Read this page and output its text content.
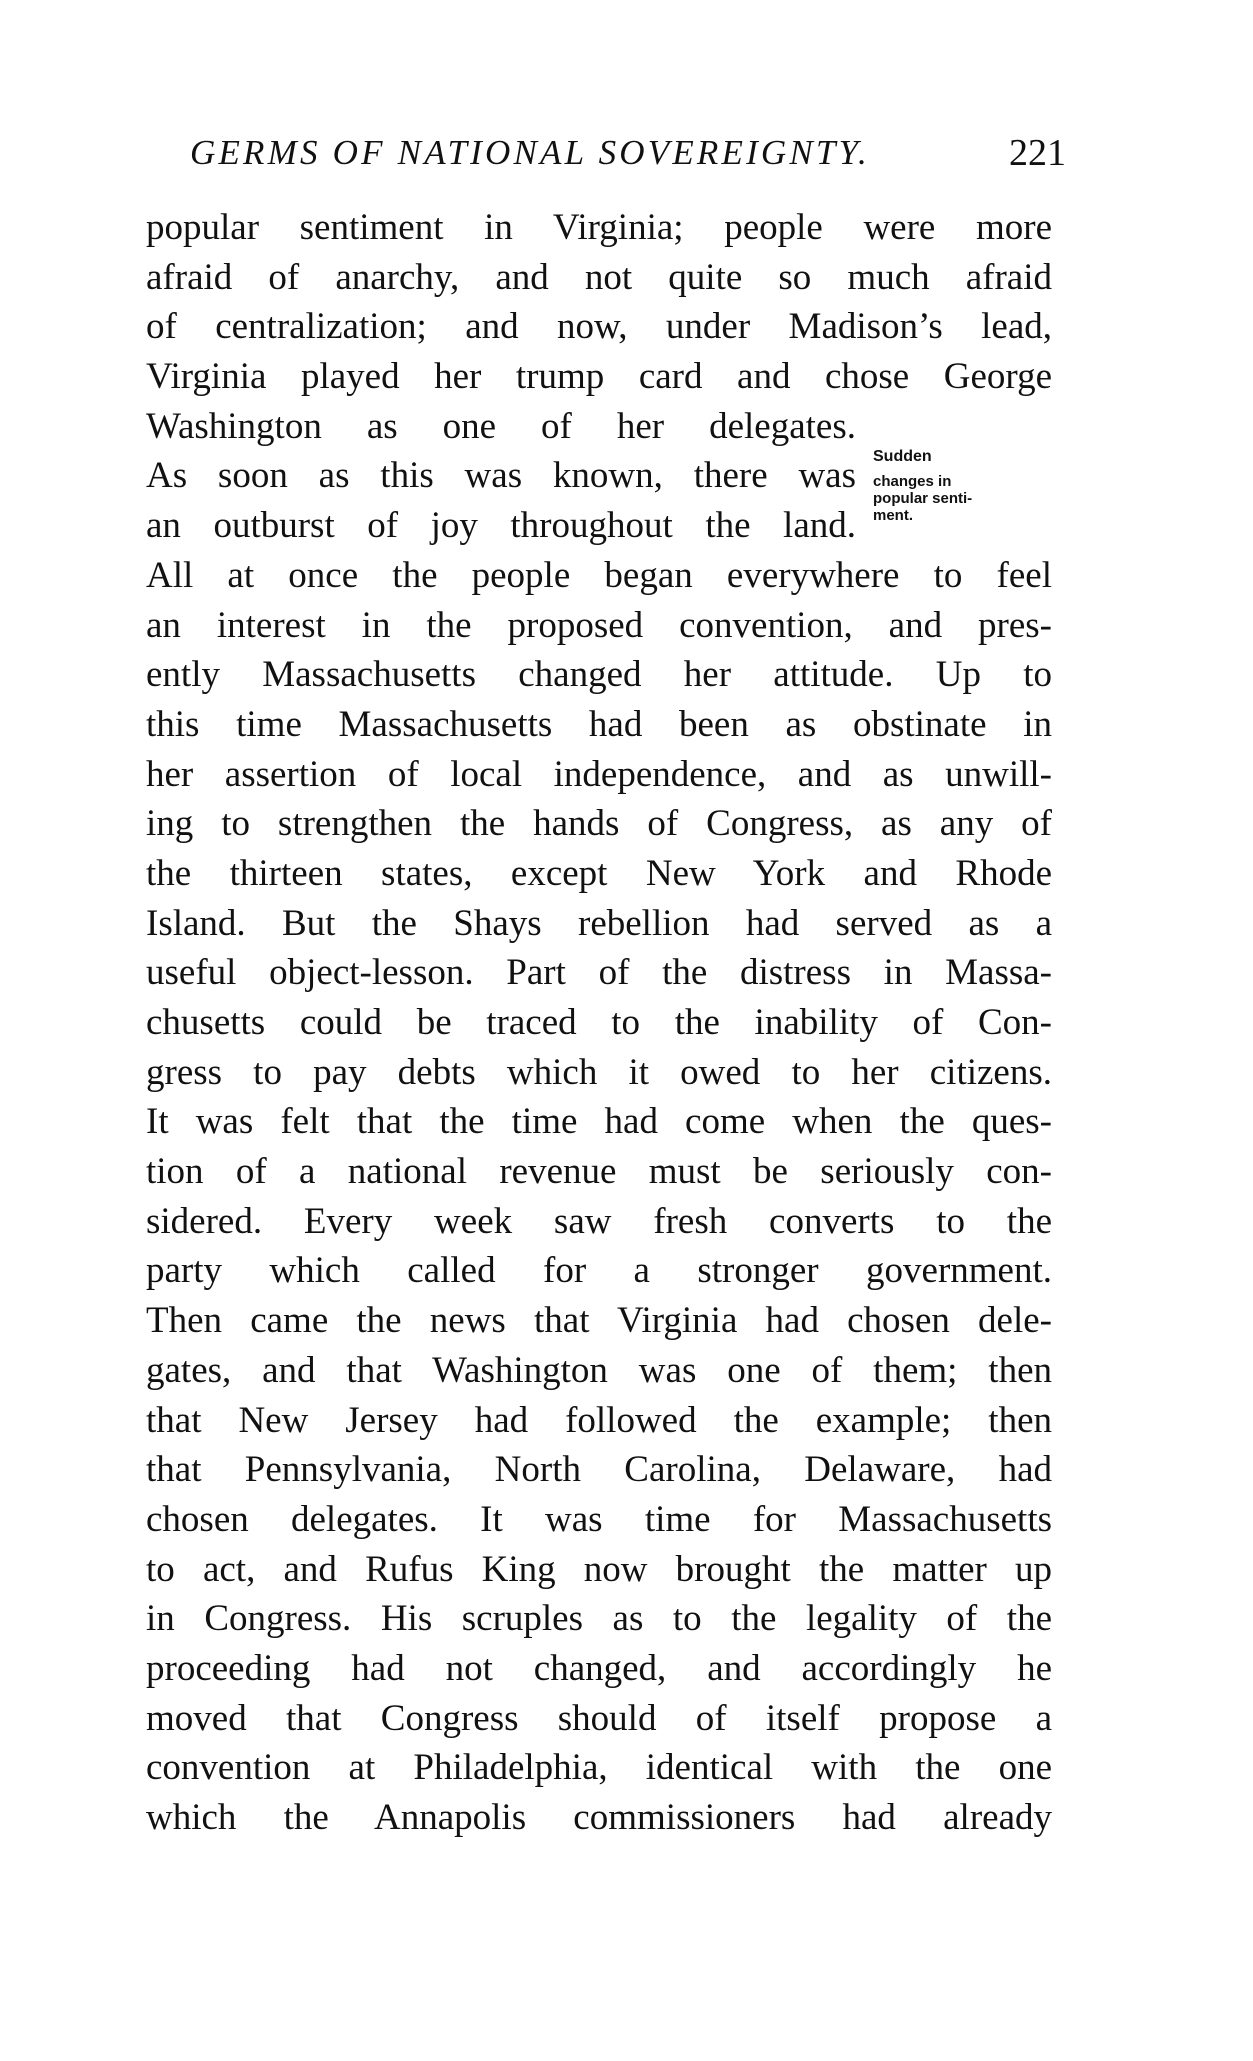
GERMS OF NATIONAL SOVEREIGNTY.	221
Sudden
changes in
popular senti-
ment.
popular sentiment in Virginia; people were more
afraid of anarchy, and not quite so much afraid
of centralization; and now, under Madison’s lead,
Virginia played her trump card and chose George
Washington as one of her delegates.
As soon as this was known, there was
an outburst of joy throughout the land.
All at once the people began everywhere to feel
an interest in the proposed convention, and pres-
ently Massachusetts changed her attitude. Up to
this time Massachusetts had been as obstinate in
her assertion of local independence, and as unwill-
ing to strengthen the hands of Congress, as any of
the thirteen states, except New York and Rhode
Island. But the Shays rebellion had served as a
useful object-lesson. Part of the distress in Massa-
chusetts could be traced to the inability of Con-
gress to pay debts which it owed to her citizens.
It was felt that the time had come when the ques-
tion of a national revenue must be seriously con-
sidered. Every week saw fresh converts to the
party which called for a stronger government.
Then came the news that Virginia had chosen dele-
gates, and that Washington was one of them; then
that New Jersey had followed the example; then
that Pennsylvania, North Carolina, Delaware, had
chosen delegates. It was time for Massachusetts
to act, and Rufus King now brought the matter up
in Congress. His scruples as to the legality of the
proceeding had not changed, and accordingly he
moved that Congress should of itself propose a
convention at Philadelphia, identical with the one
which the Annapolis commissioners had already
